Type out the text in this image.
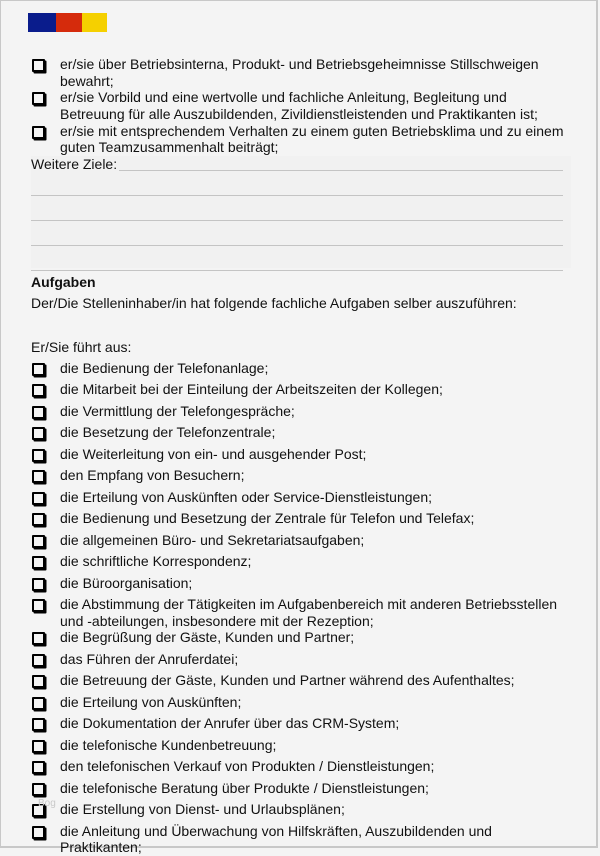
er/sie über Betriebsinterna, Produkt- und Betriebsgeheimnisse Stillschweigen bewahrt;
er/sie Vorbild und eine wertvolle und fachliche Anleitung, Begleitung und Betreuung für alle Auszubildenden, Zivildienstleistenden und Praktikanten ist;
er/sie mit entsprechendem Verhalten zu einem guten Betriebsklima und zu einem guten Teamzusammenhalt beiträgt;
Weitere Ziele:
Aufgaben
Der/Die Stelleninhaber/in hat folgende fachliche Aufgaben selber auszuführen:
Er/Sie führt aus:
die Bedienung der Telefonanlage;
die Mitarbeit bei der Einteilung der Arbeitszeiten der Kollegen;
die Vermittlung der Telefongespräche;
die Besetzung der Telefonzentrale;
die Weiterleitung von ein- und ausgehender Post;
den Empfang von Besuchern;
die Erteilung von Auskünften oder Service-Dienstleistungen;
die Bedienung und Besetzung der Zentrale für Telefon und Telefax;
die allgemeinen Büro- und Sekretariatsaufgaben;
die schriftliche Korrespondenz;
die Büroorganisation;
die Abstimmung der Tätigkeiten im Aufgabenbereich mit anderen Betriebsstellen und -abteilungen, insbesondere mit der Rezeption;
die Begrüßung der Gäste, Kunden und Partner;
das Führen der Anruferdatei;
die Betreuung der Gäste, Kunden und Partner während des Aufenthaltes;
die Erteilung von Auskünften;
die Dokumentation der Anrufer über das CRM-System;
die telefonische Kundenbetreuung;
den telefonischen Verkauf von Produkten / Dienstleistungen;
die telefonische Beratung über Produkte / Dienstleistungen;
die Erstellung von Dienst- und Urlaubsplänen;
die Anleitung und Überwachung von Hilfskräften, Auszubildenden und Praktikanten;
Bog
